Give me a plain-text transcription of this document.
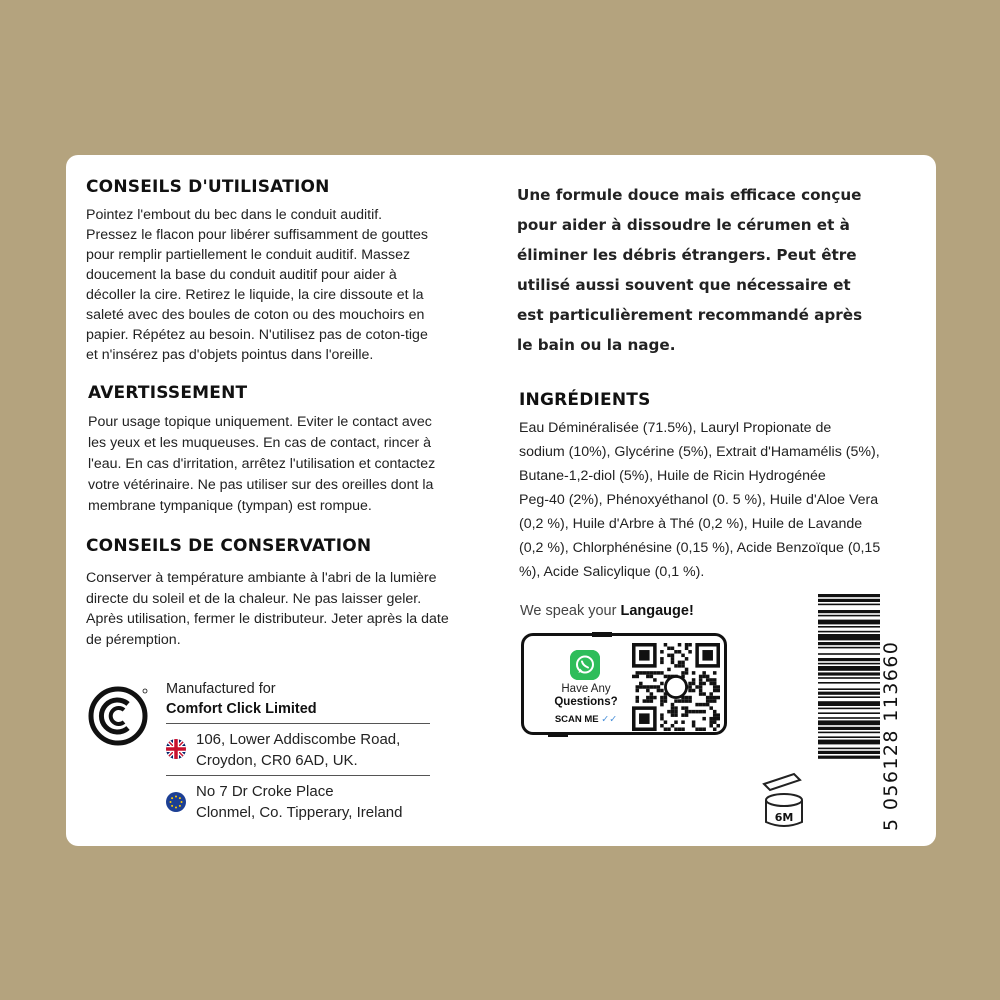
CONSEILS D'UTILISATION
Pointez l'embout du bec dans le conduit auditif.
Pressez le flacon pour libérer suffisamment de gouttes
pour remplir partiellement le conduit auditif. Massez
doucement la base du conduit auditif pour aider à
décoller la cire. Retirez le liquide, la cire dissoute et la
saleté avec des boules de coton ou des mouchoirs en
papier. Répétez au besoin. N'utilisez pas de coton-tige
et n'insérez pas d'objets pointus dans l'oreille.
AVERTISSEMENT
Pour usage topique uniquement. Eviter le contact avec
les yeux et les muqueuses. En cas de contact, rincer à
l'eau. En cas d'irritation, arrêtez l'utilisation et contactez
votre vétérinaire. Ne pas utiliser sur des oreilles dont la
membrane tympanique (tympan) est rompue.
CONSEILS DE CONSERVATION
Conserver à température ambiante à l'abri de la lumière
directe du soleil et de la chaleur. Ne pas laisser geler.
Après utilisation, fermer le distributeur. Jeter après la date
de péremption.
Manufactured for
Comfort Click Limited
106, Lower Addiscombe Road,
Croydon, CR0 6AD, UK.
No 7 Dr Croke Place
Clonmel, Co. Tipperary, Ireland
Une formule douce mais efficace conçue
pour aider à dissoudre le cérumen et à
éliminer les débris étrangers. Peut être
utilisé aussi souvent que nécessaire et
est particulièrement recommandé après
le bain ou la nage.
INGRÉDIENTS
Eau Déminéralisée (71.5%), Lauryl Propionate de
sodium (10%), Glycérine (5%), Extrait d'Hamamélis (5%),
Butane-1,2-diol (5%), Huile de Ricin Hydrogénée
Peg-40 (2%), Phénoxyéthanol (0. 5 %), Huile d'Aloe Vera
(0,2 %), Huile d'Arbre à Thé (0,2 %), Huile de Lavande
(0,2 %), Chlorphénésine (0,15 %), Acide Benzoïque (0,15
%), Acide Salicylique (0,1 %).
We speak your Langauge!
Have Any
Questions?
SCAN ME ✓✓
6M	5 056128 113660
